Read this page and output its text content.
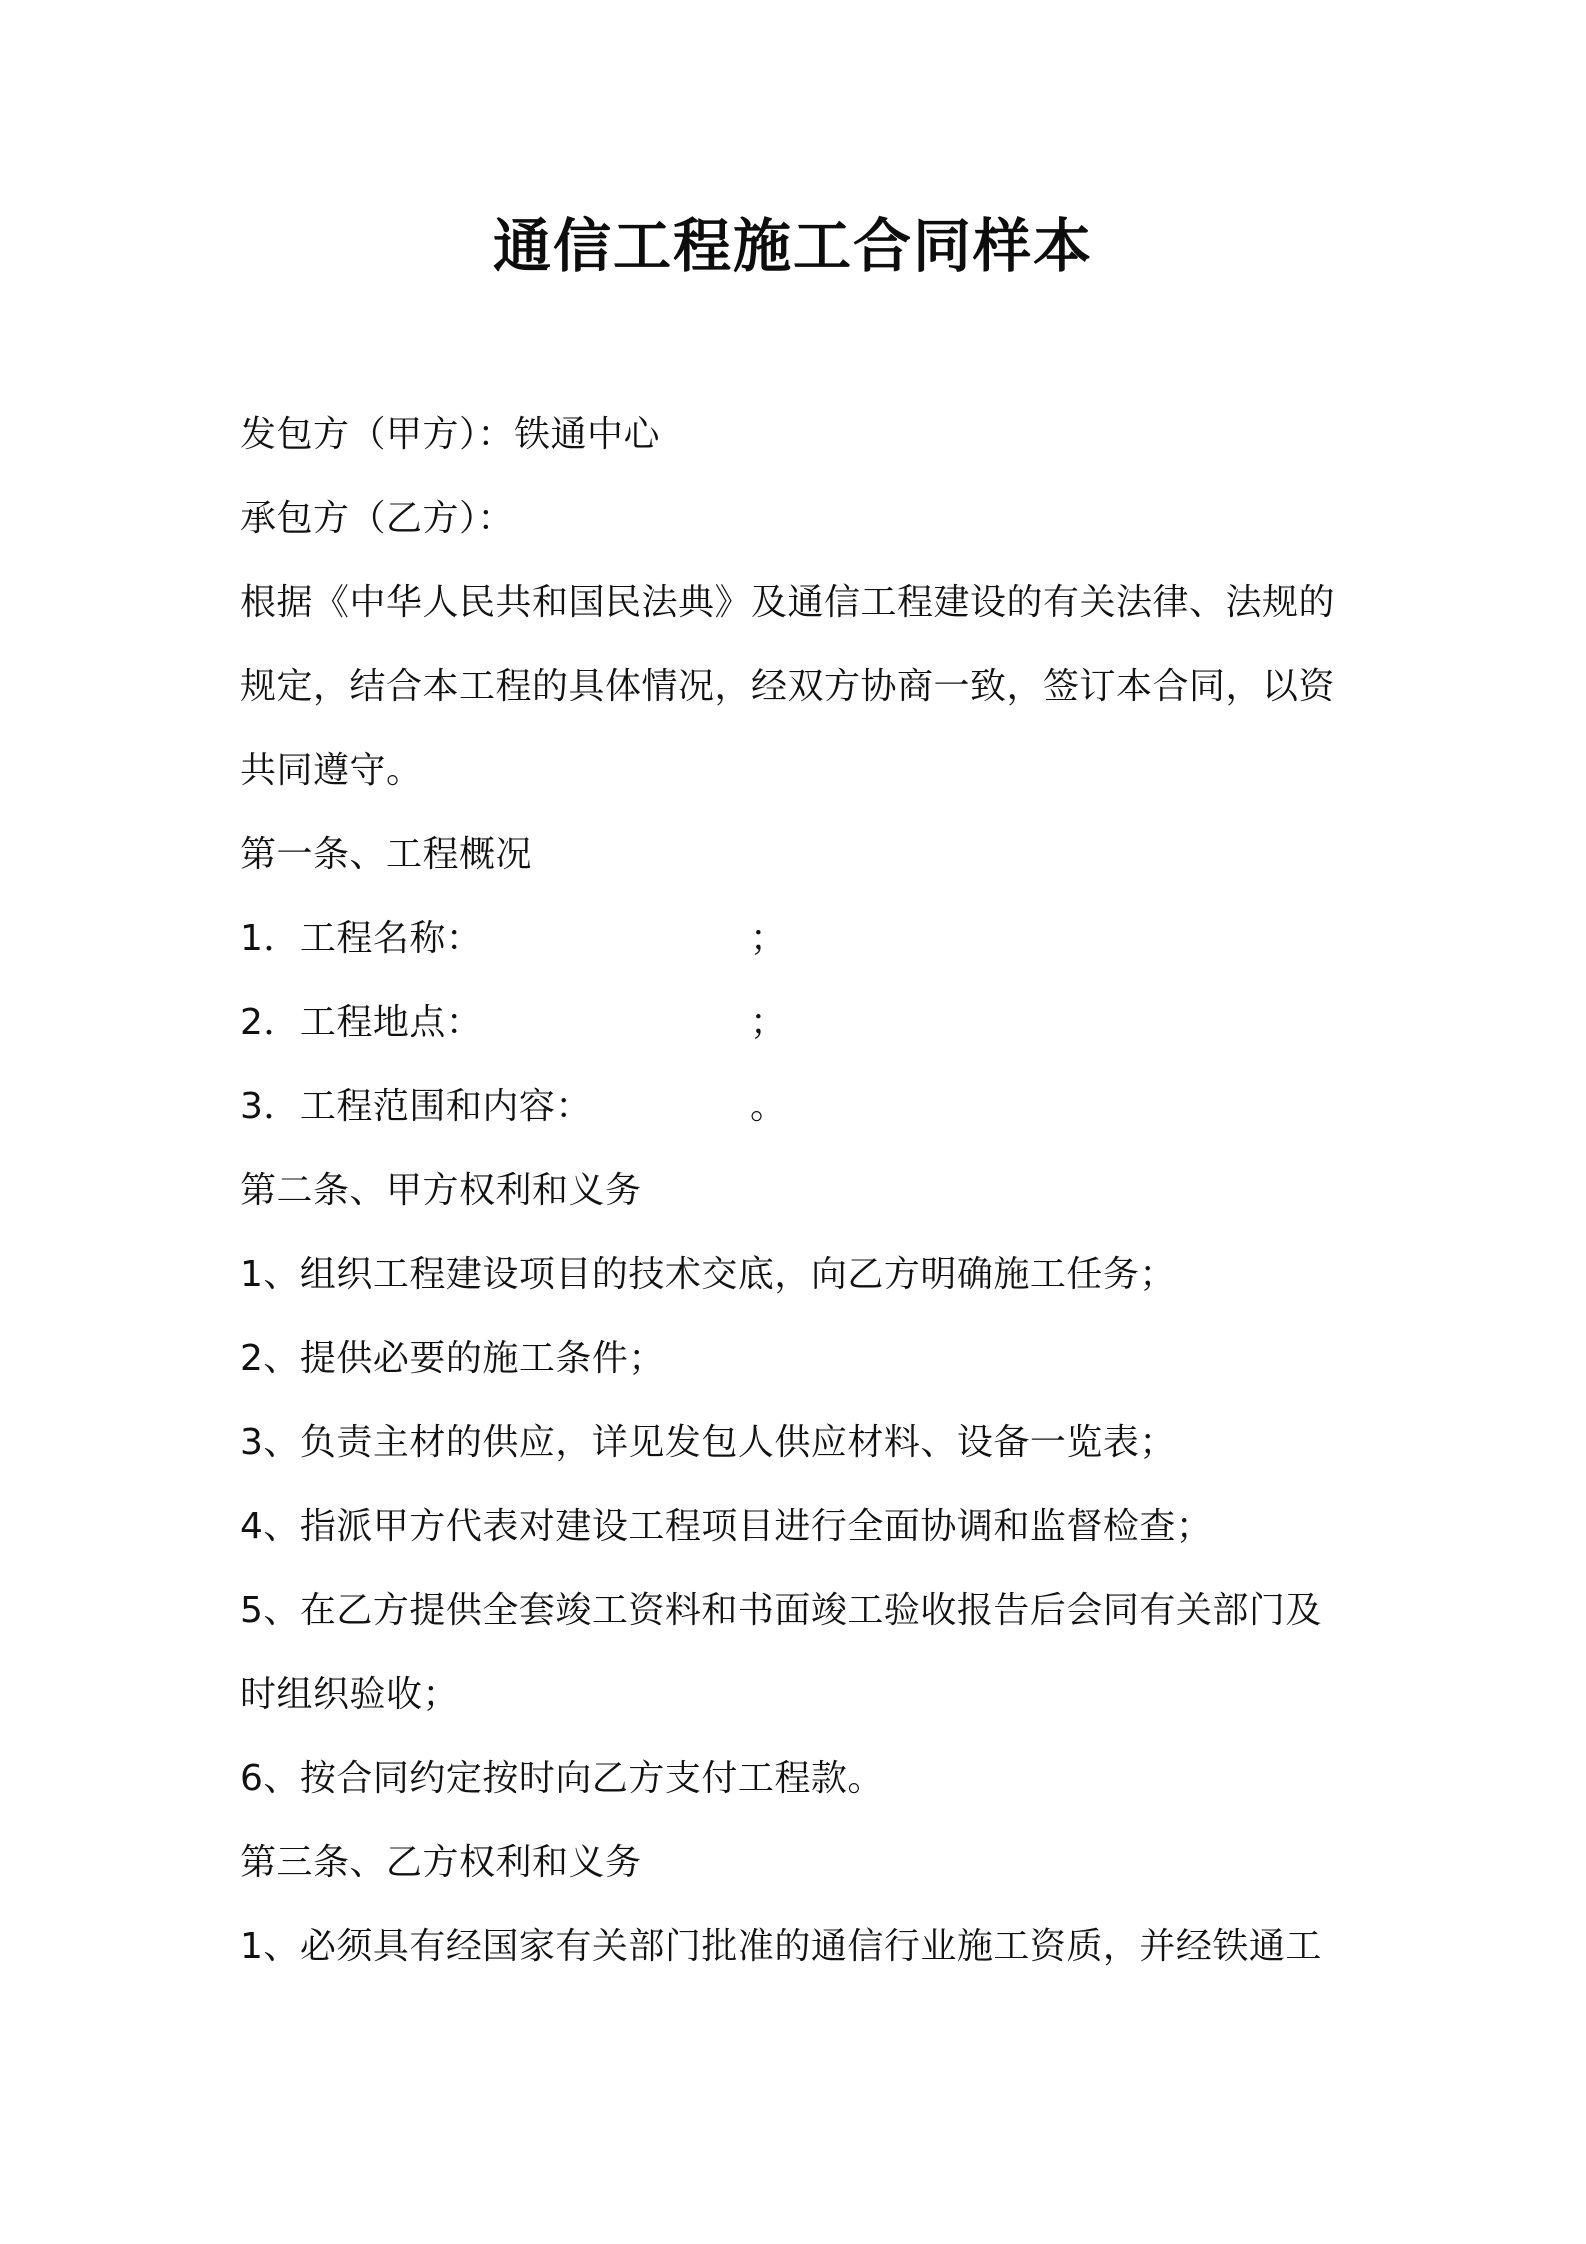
通信工程施工合同样本
发包方（甲方）：铁通中心
承包方（乙方）：
根据《中华人民共和国民法典》及通信工程建设的有关法律、法规的
规定，结合本工程的具体情况，经双方协商一致，签订本合同，以资
共同遵守。
第一条、工程概况
1．工程名称：	；
2．工程地点：	；
3．工程范围和内容：	。
第二条、甲方权利和义务
1、组织工程建设项目的技术交底，向乙方明确施工任务；
2、提供必要的施工条件；
3、负责主材的供应，详见发包人供应材料、设备一览表；
4、指派甲方代表对建设工程项目进行全面协调和监督检查；
5、在乙方提供全套竣工资料和书面竣工验收报告后会同有关部门及
时组织验收；
6、按合同约定按时向乙方支付工程款。
第三条、乙方权利和义务
1、必须具有经国家有关部门批准的通信行业施工资质，并经铁通工
